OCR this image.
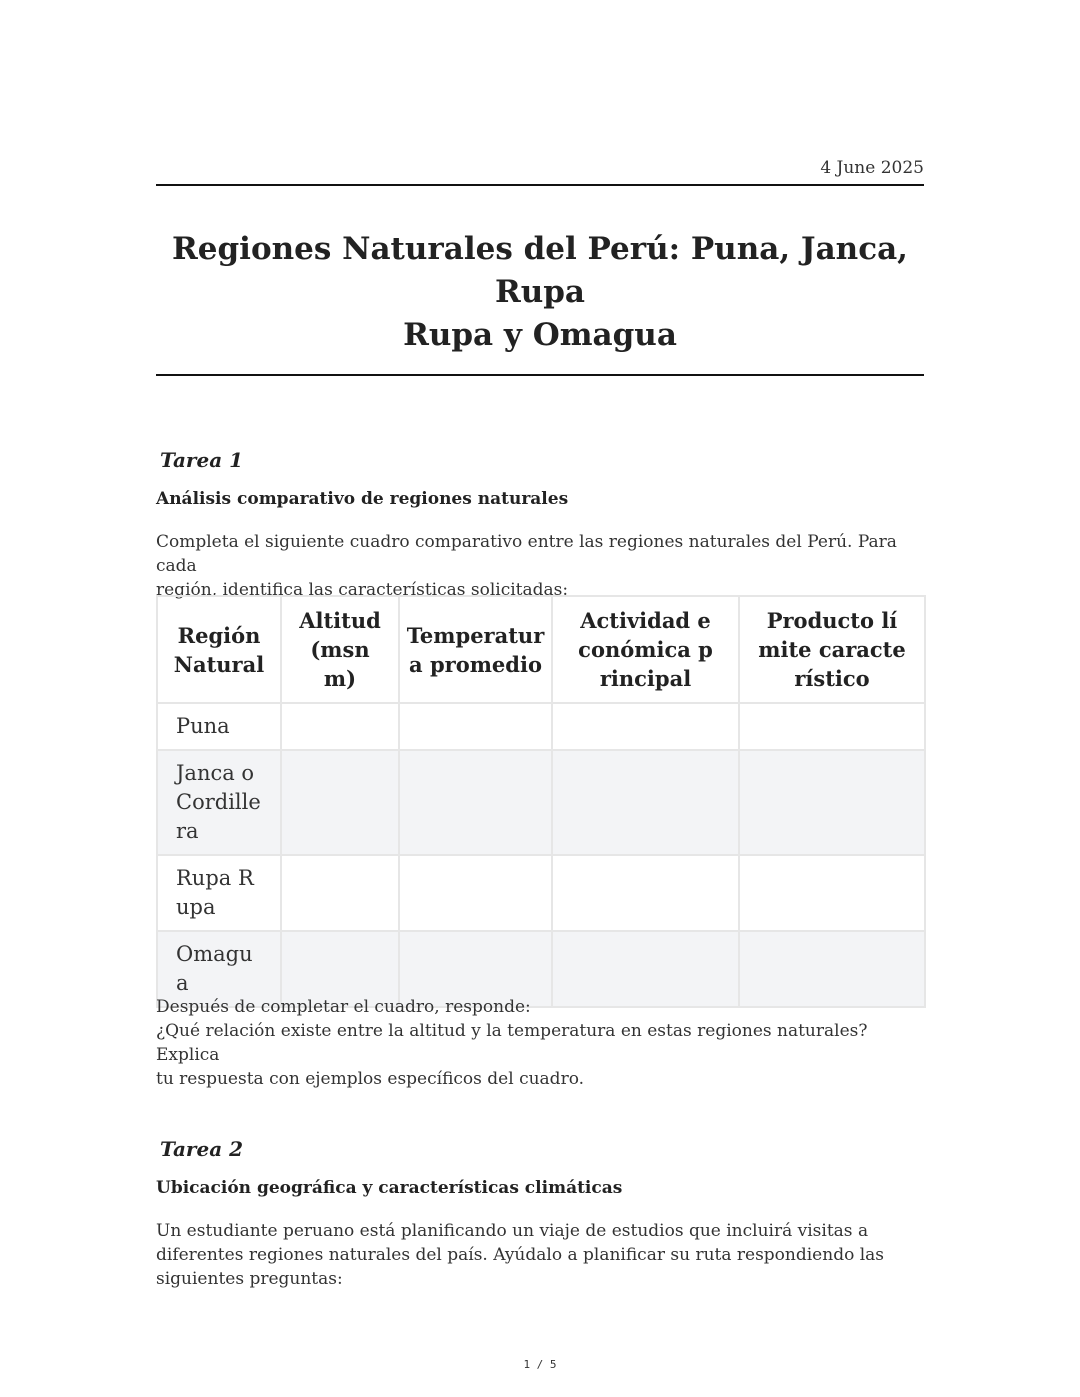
4 June 2025
Regiones Naturales del Perú: Puna, Janca, Rupa
Rupa y Omagua
Tarea 1
Análisis comparativo de regiones naturales
Completa el siguiente cuadro comparativo entre las regiones naturales del Perú. Para cada
región, identifica las características solicitadas:
Región Natural	Altitud (msnm)	Temperatura promedio	Actividad económica principal	Producto límite característico
Puna				
Janca o Cordillera				
Rupa Rupa				
Omagua				
Después de completar el cuadro, responde:
¿Qué relación existe entre la altitud y la temperatura en estas regiones naturales? Explica
tu respuesta con ejemplos específicos del cuadro.
Tarea 2
Ubicación geográfica y características climáticas
Un estudiante peruano está planificando un viaje de estudios que incluirá visitas a
diferentes regiones naturales del país. Ayúdalo a planificar su ruta respondiendo las
siguientes preguntas:
1 / 5
